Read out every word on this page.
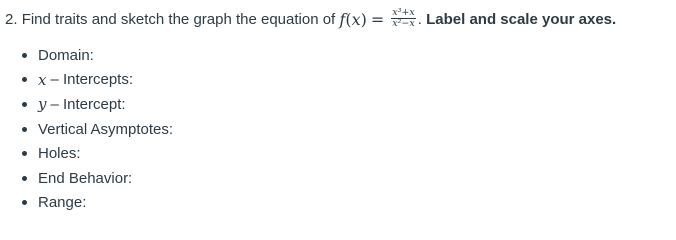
2.
Find traits and sketch the graph the equation of
$f(x) = \frac{\text{x³+x}}{\text{x²−x}}$ .
Label and scale your axes.
Domain:
x – Intercepts:
y – Intercept:
Vertical Asymptotes:
Holes:
End Behavior:
Range:
